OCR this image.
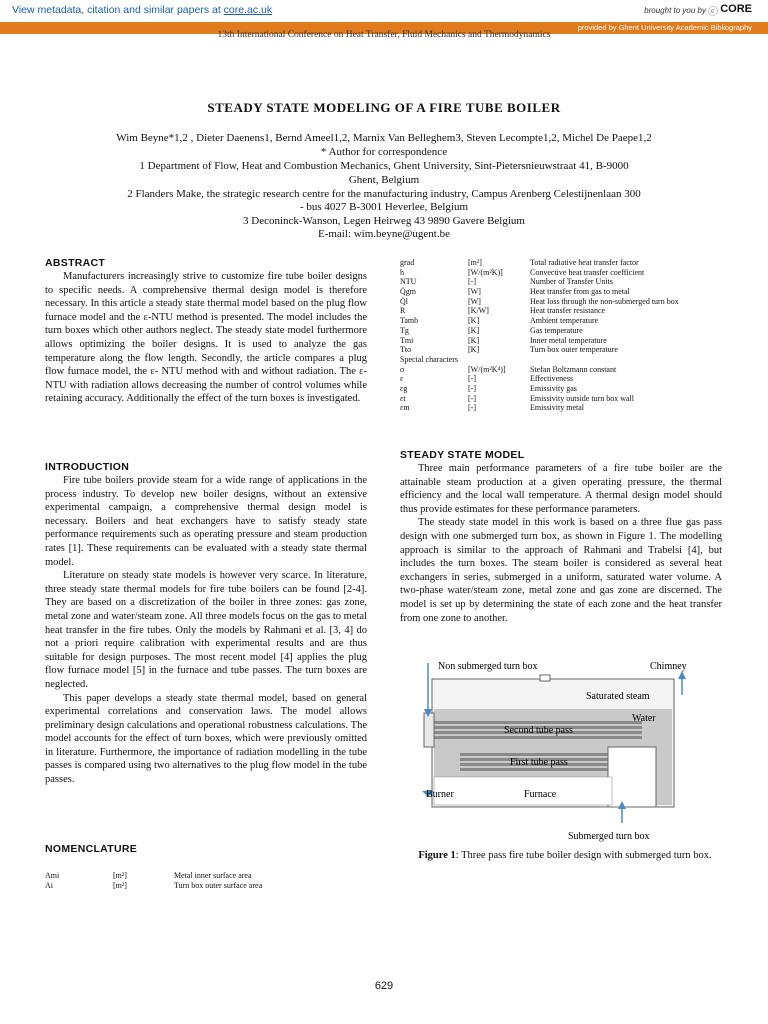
View metadata, citation and similar papers at core.ac.uk	brought to you by ⓒ CORE
provided by Ghent University Academic Bibliography
13th International Conference on Heat Transfer, Fluid Mechanics and Thermodynamics
STEADY STATE MODELING OF A FIRE TUBE BOILER
Wim Beyne*1,2 , Dieter Daenens1, Bernd Ameel1,2, Marnix Van Belleghem3, Steven Lecompte1,2, Michel De Paepe1,2
* Author for correspondence
1 Department of Flow, Heat and Combustion Mechanics, Ghent University, Sint-Pietersnieuwstraat 41, B-9000
Ghent, Belgium
2 Flanders Make, the strategic research centre for the manufacturing industry, Campus Arenberg Celestijnenlaan 300
- bus 4027 B-3001 Heverlee, Belgium
3 Deconinck-Wanson, Legen Heirweg 43 9890 Gavere Belgium
E-mail: wim.beyne@ugent.be
ABSTRACT

Manufacturers increasingly strive to customize fire tube boiler designs to specific needs. A comprehensive thermal design model is therefore necessary. In this article a steady state thermal model based on the plug flow furnace model and the ε-NTU method is presented. The model includes the turn boxes which other authors neglect. The steady state model furthermore allows optimizing the boiler designs. It is used to analyze the gas temperature along the flow length. Secondly, the article compares a plug flow furnace model, the ε- NTU method with and without radiation. The ε- NTU with radiation allows decreasing the number of control volumes while retaining accuracy. Additionally the effect of the turn boxes is investigated.

INTRODUCTION

Fire tube boilers provide steam for a wide range of applications in the process industry. To develop new boiler designs, without an extensive experimental campaign, a comprehensive thermal design model is necessary. Boilers and heat exchangers have to satisfy steady state performance requirements such as operating pressure and steam production rates [1]. These requirements can be evaluated with a steady state thermal model.

Literature on steady state models is however very scarce. In literature, three steady state thermal models for fire tube boilers can be found [2-4]. They are based on a discretization of the boiler in three zones: gas zone, metal zone and water/steam zone. All three models focus on the gas to metal heat transfer in the fire tubes. Only the models by Rahmani et al. [3, 4] do not a priori require calibration with experimental results and are thus suitable for design purposes. The most recent model [4] applies the plug flow furnace model [5] in the furnace and tube passes. The turn boxes are neglected.

This paper develops a steady state thermal model, based on general experimental correlations and conservation laws. The model allows preliminary design calculations and operational robustness calculations. The model accounts for the effect of turn boxes, which were previously omitted in literature. Furthermore, the importance of radiation modelling in the tube passes is compared using two alternatives to the plug flow model in the tube passes.

NOMENCLATURE
Ami	[m²]	Metal inner surface area
Ai	[m²]	Turn box outer surface area
grad	[m²]	Total radiative heat transfer factor
h	[W/(m²K)]	Convective heat transfer coefficient
NTU	[-]	Number of Transfer Units
Q̇gm	[W]	Heat transfer from gas to metal
Q̇l	[W]	Heat loss through the non-submerged turn box
R	[K/W]	Heat transfer resistance
Tamb	[K]	Ambient temperature
Tg	[K]	Gas temperature
Tmi	[K]	Inner metal temperature
Tto	[K]	Turn box outer temperature
Special characters
σ	[W/(m²K⁴)]	Stefan Boltzmann constant
ε	[-]	Effectiveness
εg	[-]	Emissivity gas
εt	[-]	Emissivity outside turn box wall
εm	[-]	Emissivity metal
STEADY STATE MODEL

Three main performance parameters of a fire tube boiler are the attainable steam production at a given operating pressure, the thermal efficiency and the local wall temperature. A thermal design model should thus provide estimates for these performance parameters.

The steady state model in this work is based on a three flue gas pass design with one submerged turn box, as shown in Figure 1. The modelling approach is similar to the approach of Rahmani and Trabelsi [4], but includes the turn boxes. The steam boiler is considered as several heat exchangers in series, submerged in a uniform, saturated water volume. A two-phase water/steam zone, metal zone and gas zone are discerned. The model is set up by determining the state of each zone and the heat transfer from one zone to another.

Non submerged turn box	Chimney
Saturated steam
Water
Second tube pass
First tube pass
Burner	Furnace
Submerged turn box
Figure 1: Three pass fire tube boiler design with submerged turn box.
629
